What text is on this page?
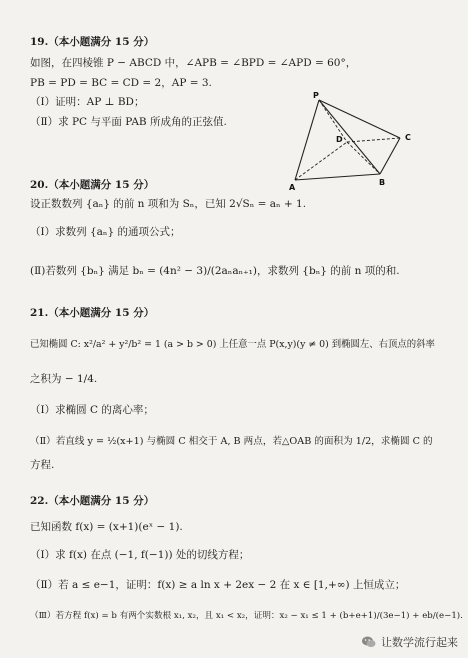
19.（本小题满分 15 分）
如图，在四棱锥 P − ABCD 中，∠APB = ∠BPD = ∠APD = 60°，
PB = PD = BC = CD = 2，AP = 3.
（Ⅰ）证明：AP ⊥ BD；
（Ⅱ）求 PC 与平面 PAB 所成角的正弦值.
P
D	C
A
B
20.（本小题满分 15 分）
设正数数列 {aₙ} 的前 n 项和为 Sₙ，已知 2√Sₙ = aₙ + 1.
（Ⅰ）求数列 {aₙ} 的通项公式；
(Ⅱ)若数列 {bₙ} 满足 bₙ = (4n² − 3)/(2aₙaₙ₊₁)，求数列 {bₙ} 的前 n 项的和.
21.（本小题满分 15 分）
已知椭圆 C: x²/a² + y²/b² = 1 (a > b > 0) 上任意一点 P(x,y)(y ≠ 0) 到椭圆左、右顶点的斜率
之积为 − 1/4.
（Ⅰ）求椭圆 C 的离心率；
（Ⅱ）若直线 y = ½(x+1) 与椭圆 C 相交于 A, B 两点，若△OAB 的面积为 1/2，求椭圆 C 的
方程.
22.（本小题满分 15 分）
已知函数 f(x) = (x+1)(eˣ − 1).
（Ⅰ）求 f(x) 在点 (−1, f(−1)) 处的切线方程；
（Ⅱ）若 a ≤ e−1，证明：f(x) ≥ a ln x + 2ex − 2 在 x ∈ [1,+∞) 上恒成立；
（Ⅲ）若方程 f(x) = b 有两个实数根 x₁, x₂，且 x₁ < x₂，证明：x₂ − x₁ ≤ 1 + (b+e+1)/(3e−1) + eb/(e−1).
让数学流行起来
